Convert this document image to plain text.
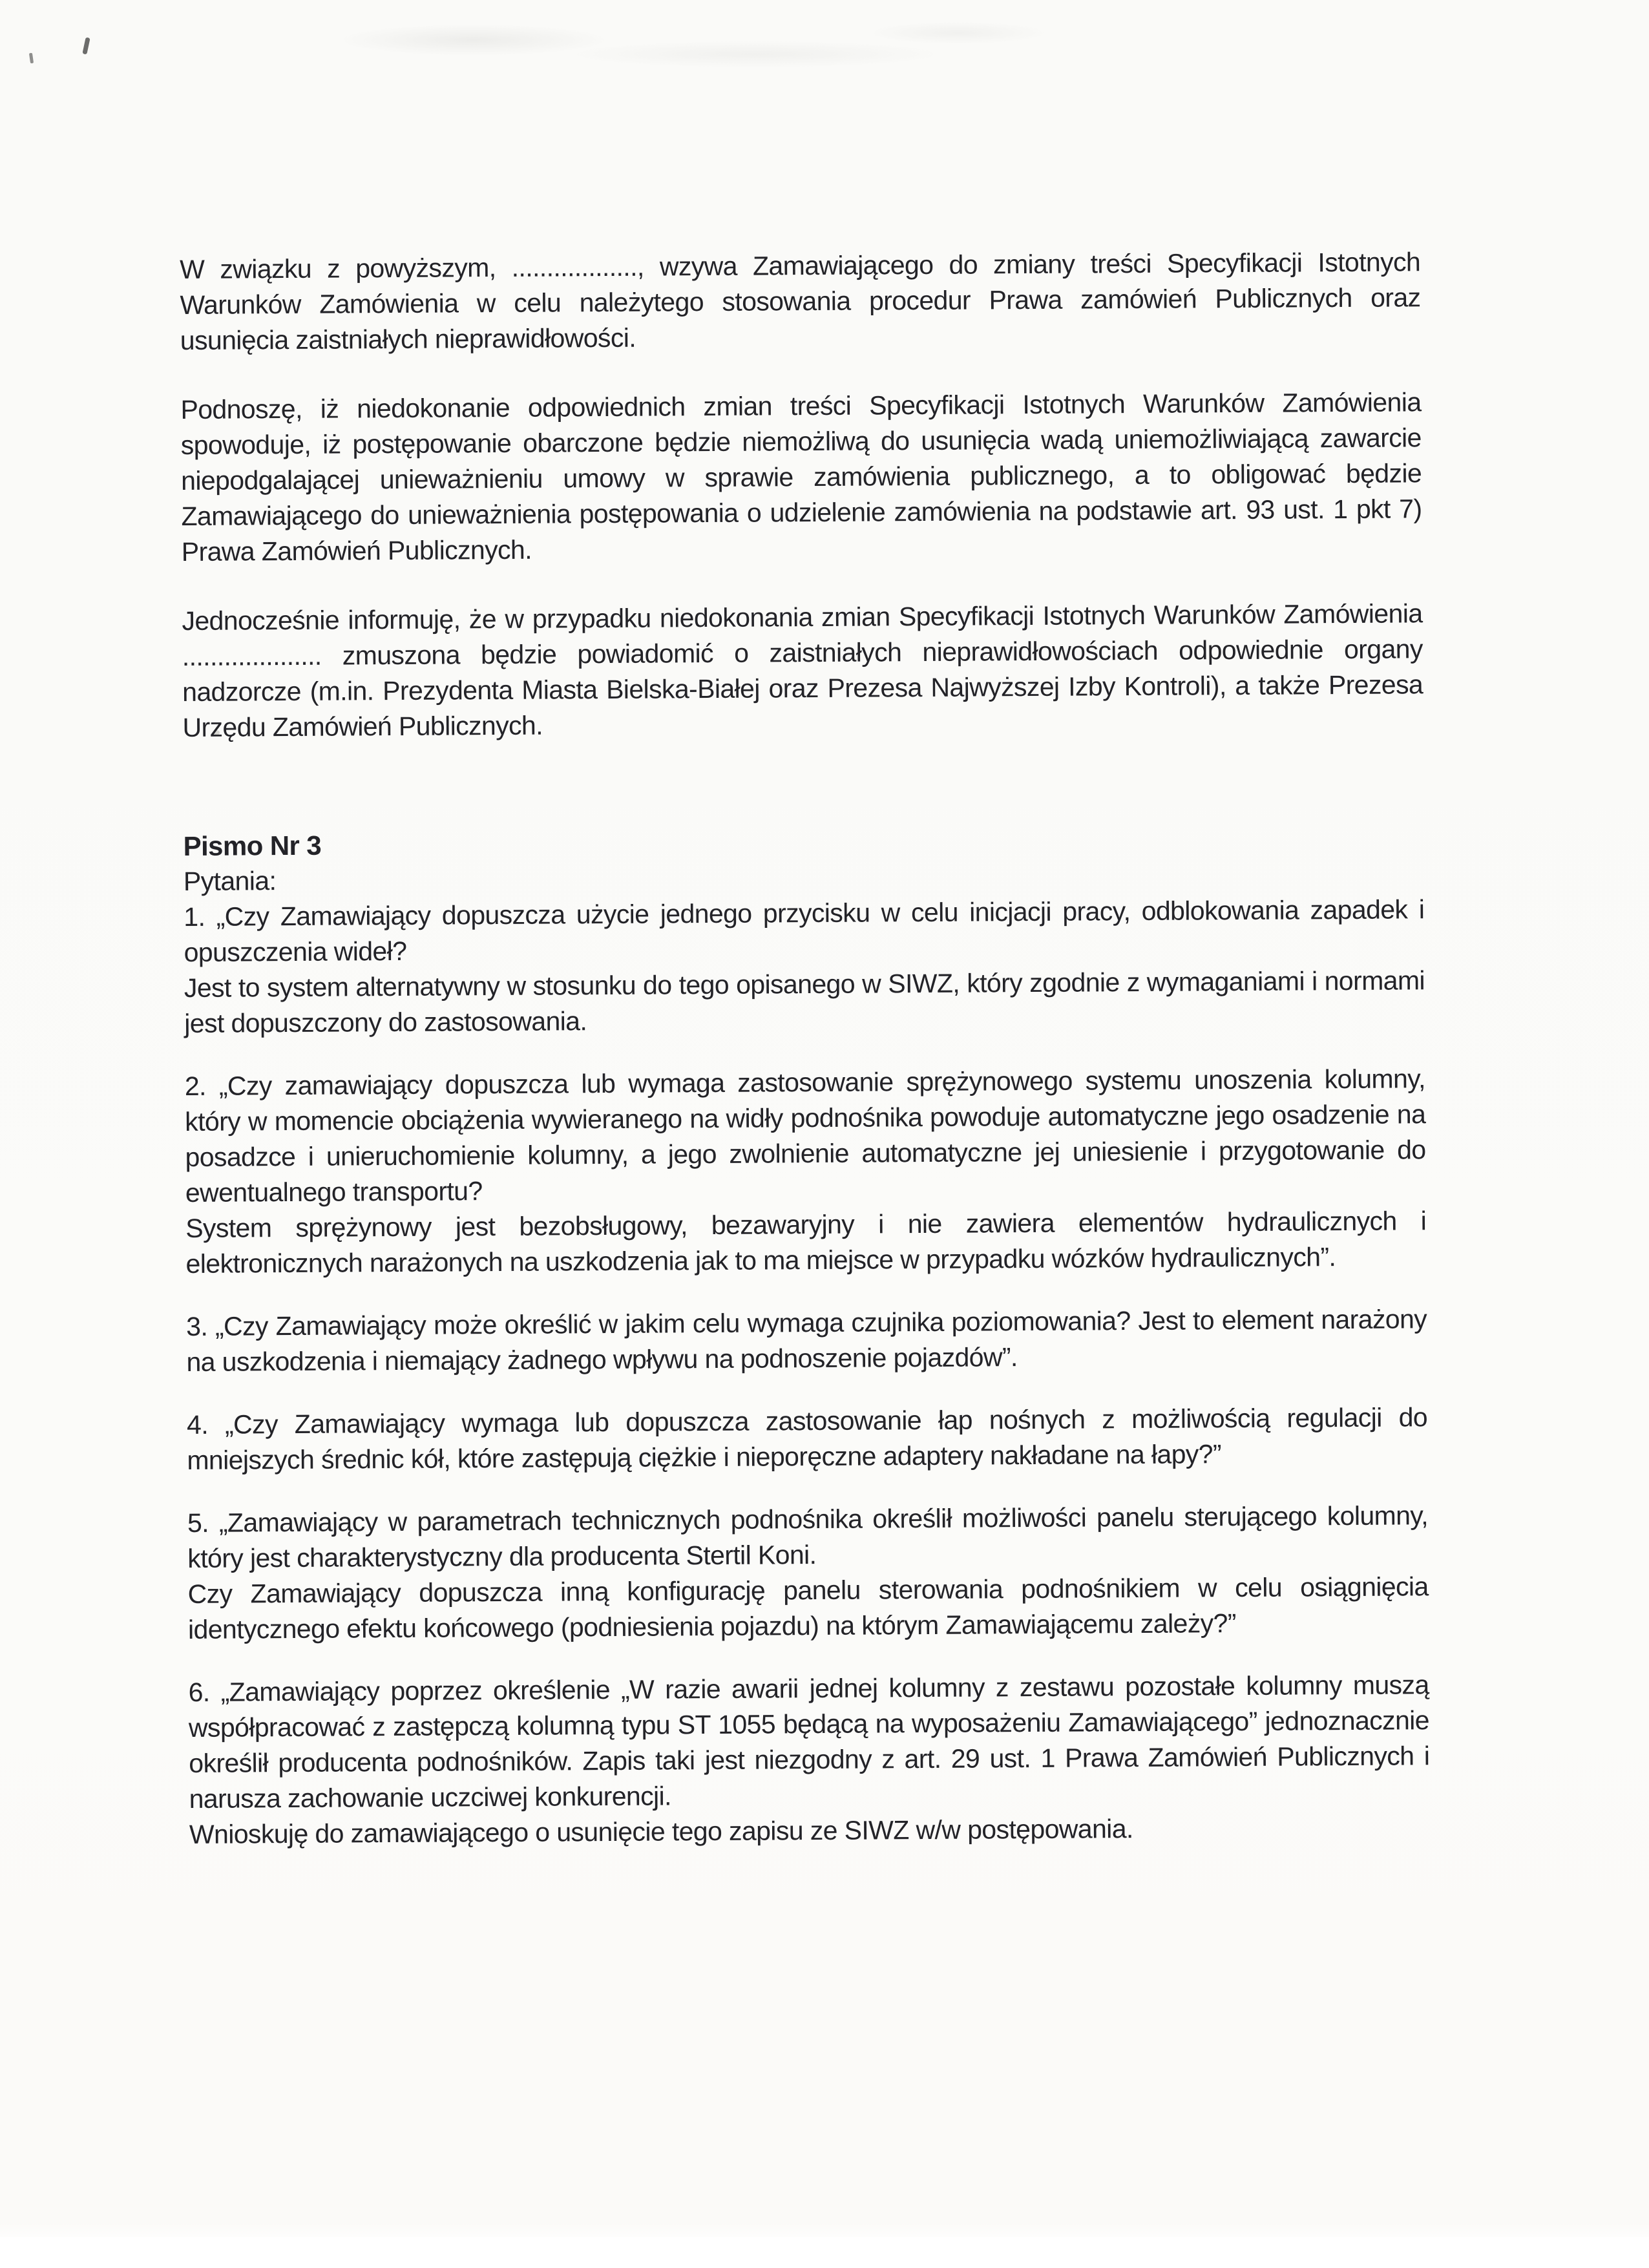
W związku z powyższym, .................., wzywa Zamawiającego do zmiany treści Specyfikacji Istotnych Warunków Zamówienia w celu należytego stosowania procedur Prawa zamówień Publicznych oraz usunięcia zaistniałych nieprawidłowości.

Podnoszę, iż niedokonanie odpowiednich zmian treści Specyfikacji Istotnych Warunków Zamówienia spowoduje, iż postępowanie obarczone będzie niemożliwą do usunięcia wadą uniemożliwiającą zawarcie niepodgalającej unieważnieniu umowy w sprawie zamówienia publicznego, a to obligować będzie Zamawiającego do unieważnienia postępowania o udzielenie zamówienia na podstawie art. 93 ust. 1 pkt 7) Prawa Zamówień Publicznych.

Jednocześnie informuję, że w przypadku niedokonania zmian Specyfikacji Istotnych Warunków Zamówienia .................... zmuszona będzie powiadomić o zaistniałych nieprawidłowościach odpowiednie organy nadzorcze (m.in. Prezydenta Miasta Bielska-Białej oraz Prezesa Najwyższej Izby Kontroli), a także Prezesa Urzędu Zamówień Publicznych.

Pismo Nr 3

Pytania:

1. „Czy Zamawiający dopuszcza użycie jednego przycisku w celu inicjacji pracy, odblokowania zapadek i opuszczenia wideł?

Jest to system alternatywny w stosunku do tego opisanego w SIWZ, który zgodnie z wymaganiami i normami jest dopuszczony do zastosowania.

2. „Czy zamawiający dopuszcza lub wymaga zastosowanie sprężynowego systemu unoszenia kolumny, który w momencie obciążenia wywieranego na widły podnośnika powoduje automatyczne jego osadzenie na posadzce i unieruchomienie kolumny, a jego zwolnienie automatyczne jej uniesienie i przygotowanie do ewentualnego transportu?

System sprężynowy jest bezobsługowy, bezawaryjny i nie zawiera elementów hydraulicznych i elektronicznych narażonych na uszkodzenia jak to ma miejsce w przypadku wózków hydraulicznych”.

3. „Czy Zamawiający może określić w jakim celu wymaga czujnika poziomowania? Jest to element narażony na uszkodzenia i niemający żadnego wpływu na podnoszenie pojazdów”.

4. „Czy Zamawiający wymaga lub dopuszcza zastosowanie łap nośnych z możliwością regulacji do mniejszych średnic kół, które zastępują ciężkie i nieporęczne adaptery nakładane na łapy?”

5. „Zamawiający w parametrach technicznych podnośnika określił możliwości panelu sterującego kolumny, który jest charakterystyczny dla producenta Stertil Koni.

Czy Zamawiający dopuszcza inną konfigurację panelu sterowania podnośnikiem w celu osiągnięcia identycznego efektu końcowego (podniesienia pojazdu) na którym Zamawiającemu zależy?”

6. „Zamawiający poprzez określenie „W razie awarii jednej kolumny z zestawu pozostałe kolumny muszą współpracować z zastępczą kolumną typu ST 1055 będącą na wyposażeniu Zamawiającego” jednoznacznie określił producenta podnośników. Zapis taki jest niezgodny z art. 29 ust. 1 Prawa Zamówień Publicznych i narusza zachowanie uczciwej konkurencji.

Wnioskuję do zamawiającego o usunięcie tego zapisu ze SIWZ w/w postępowania.
